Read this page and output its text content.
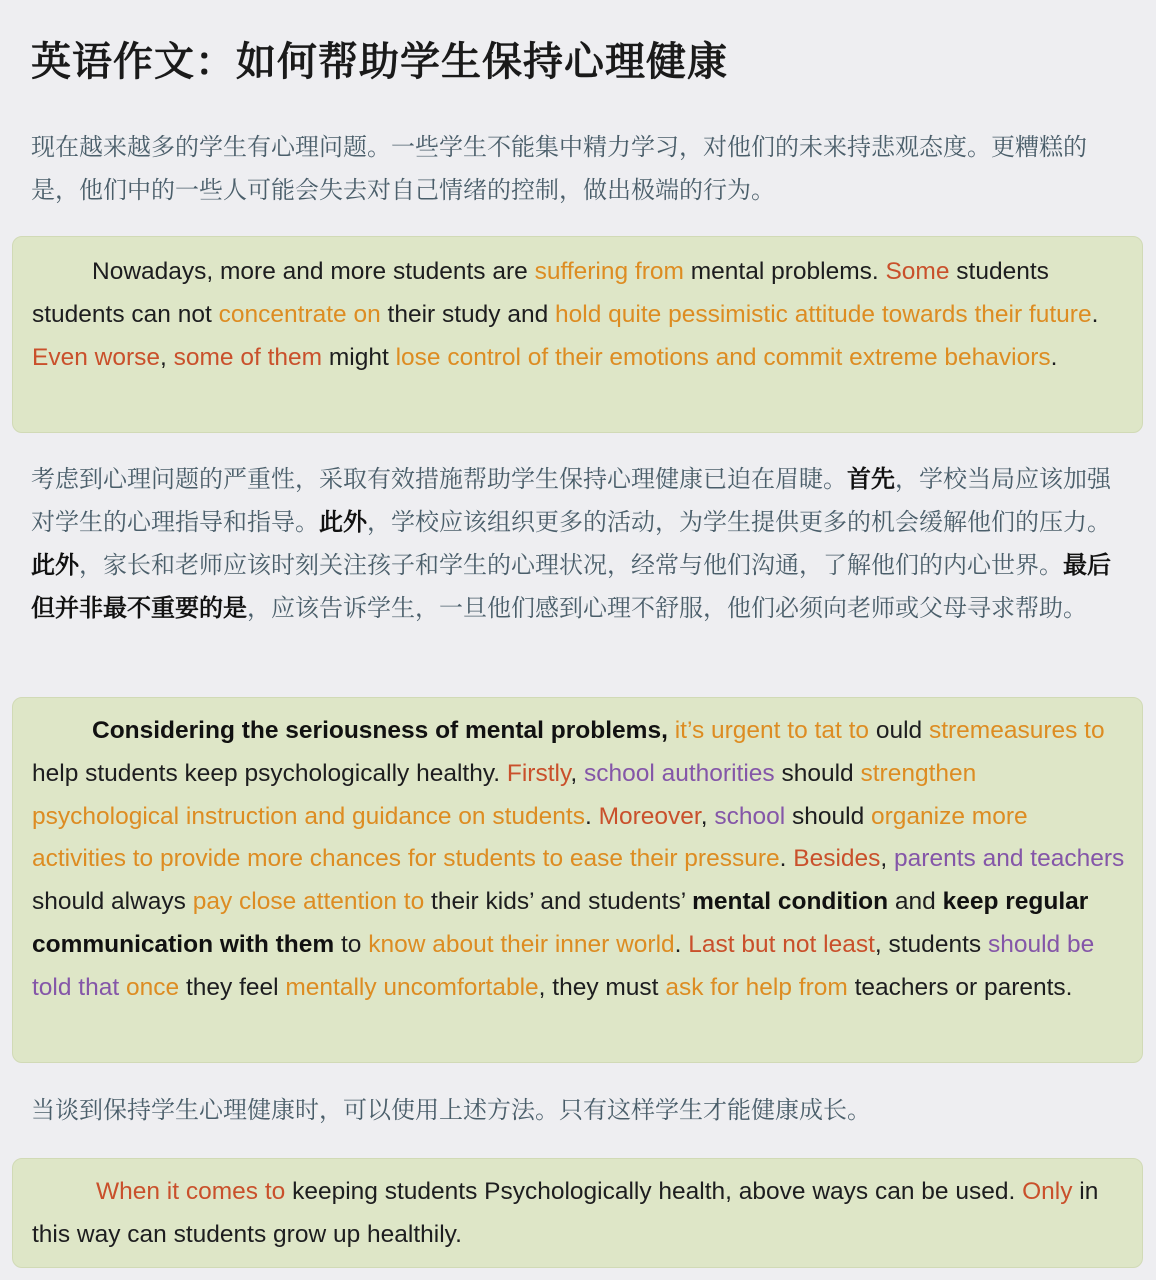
英语作文：如何帮助学生保持心理健康

现在越来越多的学生有心理问题。一些学生不能集中精力学习，对他们的未来持悲观态度。更糟糕的是，他们中的一些人可能会失去对自己情绪的控制，做出极端的行为。

Nowadays, more and more students are suffering from mental problems. Some students students can not concentrate on their study and hold quite pessimistic attitude towards their future. Even worse, some of them might lose control of their emotions and commit extreme behaviors.

考虑到心理问题的严重性，采取有效措施帮助学生保持心理健康已迫在眉睫。首先，学校当局应该加强对学生的心理指导和指导。此外，学校应该组织更多的活动，为学生提供更多的机会缓解他们的压力。此外，家长和老师应该时刻关注孩子和学生的心理状况，经常与他们沟通，了解他们的内心世界。最后但并非最不重要的是，应该告诉学生，一旦他们感到心理不舒服，他们必须向老师或父母寻求帮助。

Considering the seriousness of mental problems, it’s urgent to tat to ould stremeasures to help students keep psychologically healthy. Firstly, school authorities should strengthen psychological instruction and guidance on students. Moreover, school should organize more activities to provide more chances for students to ease their pressure. Besides, parents and teachers should always pay close attention to their kids’ and students’ mental condition and keep regular communication with them to know about their inner world. Last but not least, students should be told that once they feel mentally uncomfortable, they must ask for help from teachers or parents.

当谈到保持学生心理健康时，可以使用上述方法。只有这样学生才能健康成长。

When it comes to keeping students Psychologically health, above ways can be used. Only in this way can students grow up healthily.
